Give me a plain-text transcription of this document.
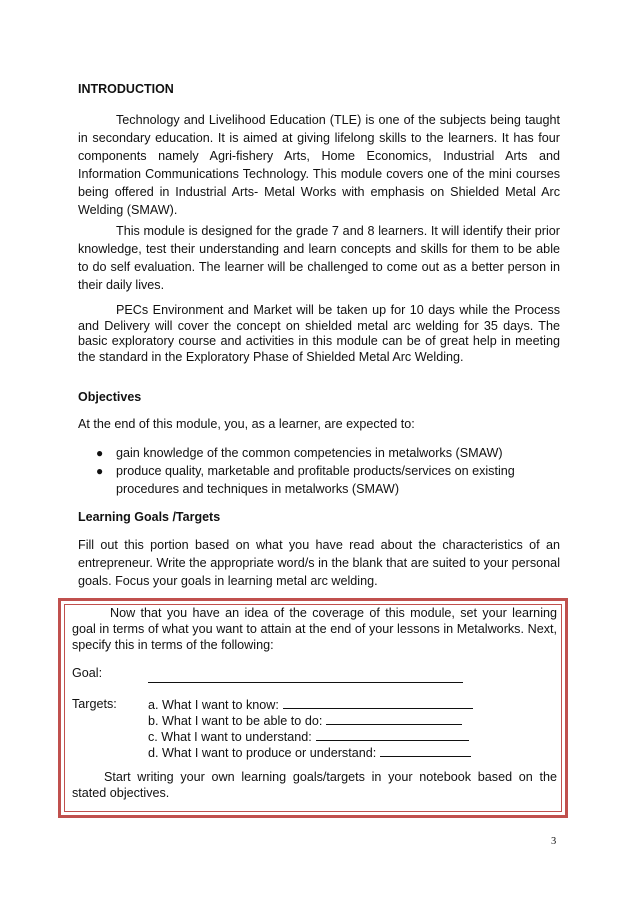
INTRODUCTION
Technology and Livelihood Education (TLE) is one of the subjects being taught in secondary education. It is aimed at giving lifelong skills to the learners. It has four components namely Agri-fishery Arts, Home Economics, Industrial Arts and Information Communications Technology. This module covers one of the mini courses being offered in Industrial Arts- Metal Works with emphasis on Shielded Metal Arc Welding (SMAW).
This module is designed for the grade 7 and 8 learners. It will identify their prior knowledge, test their understanding and learn concepts and skills for them to be able to do self evaluation. The learner will be challenged to come out as a better person in their daily lives.
PECs Environment and Market will be taken up for 10 days while the Process and Delivery will cover the concept on shielded metal arc welding for 35 days. The basic exploratory course and activities in this module can be of great help in meeting the standard in the Exploratory Phase of Shielded Metal Arc Welding.
Objectives
At the end of this module, you, as a learner, are expected to:
● gain knowledge of the common competencies in metalworks (SMAW)
● produce quality, marketable and profitable products/services on existing procedures and techniques in metalworks (SMAW)
Learning Goals /Targets
Fill out this portion based on what you have read about the characteristics of an entrepreneur. Write the appropriate word/s in the blank that are suited to your personal goals. Focus your goals in learning metal arc welding.
Now that you have an idea of the coverage of this module, set your learning goal in terms of what you want to attain at the end of your lessons in Metalworks. Next, specify this in terms of the following:
Goal:
Targets: a. What I want to know:
b. What I want to be able to do:
c. What I want to understand:
d. What I want to produce or understand:
Start writing your own learning goals/targets in your notebook based on the stated objectives.
3
